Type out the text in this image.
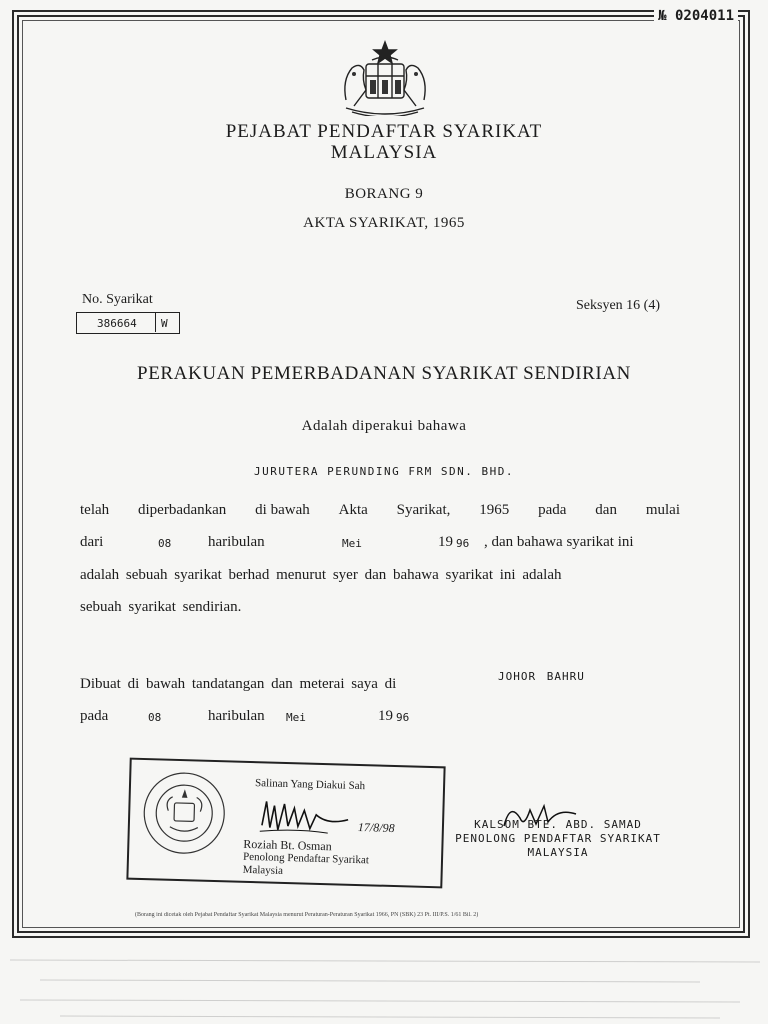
№ 0204011
PEJABAT PENDAFTAR SYARIKAT
MALAYSIA
BORANG 9
AKTA SYARIKAT, 1965
No. Syarikat	Seksyen 16 (4)
386664 W
PERAKUAN PEMERBADANAN SYARIKAT SENDIRIAN
Adalah diperakui bahawa
JURUTERA PERUNDING FRM SDN. BHD.
telah diperbadankan di bawah Akta Syarikat, 1965 pada dan mulai
dari	08 haribulan	Mei	19 96 , dan bahawa syarikat ini
adalah sebuah syarikat berhad menurut syer dan bahawa syarikat ini adalah
sebuah syarikat sendirian.
Dibuat di bawah tandatangan dan meterai saya di	JOHOR BAHRU
pada	08	haribulan Mei	19 96
Salinan Yang Diakui Sah
17/8/98
Roziah Bt. Osman
Penolong Pendaftar Syarikat
Malaysia
KALSOM BTE. ABD. SAMAD
PENOLONG PENDAFTAR SYARIKAT
MALAYSIA
(Borang ini dicetak oleh Pejabat Pendaftar Syarikat Malaysia menurut Peraturan-Peraturan Syarikat 1966, PN (SBK) 23 Pt. III/P.S. 1/61 Bil. 2)
